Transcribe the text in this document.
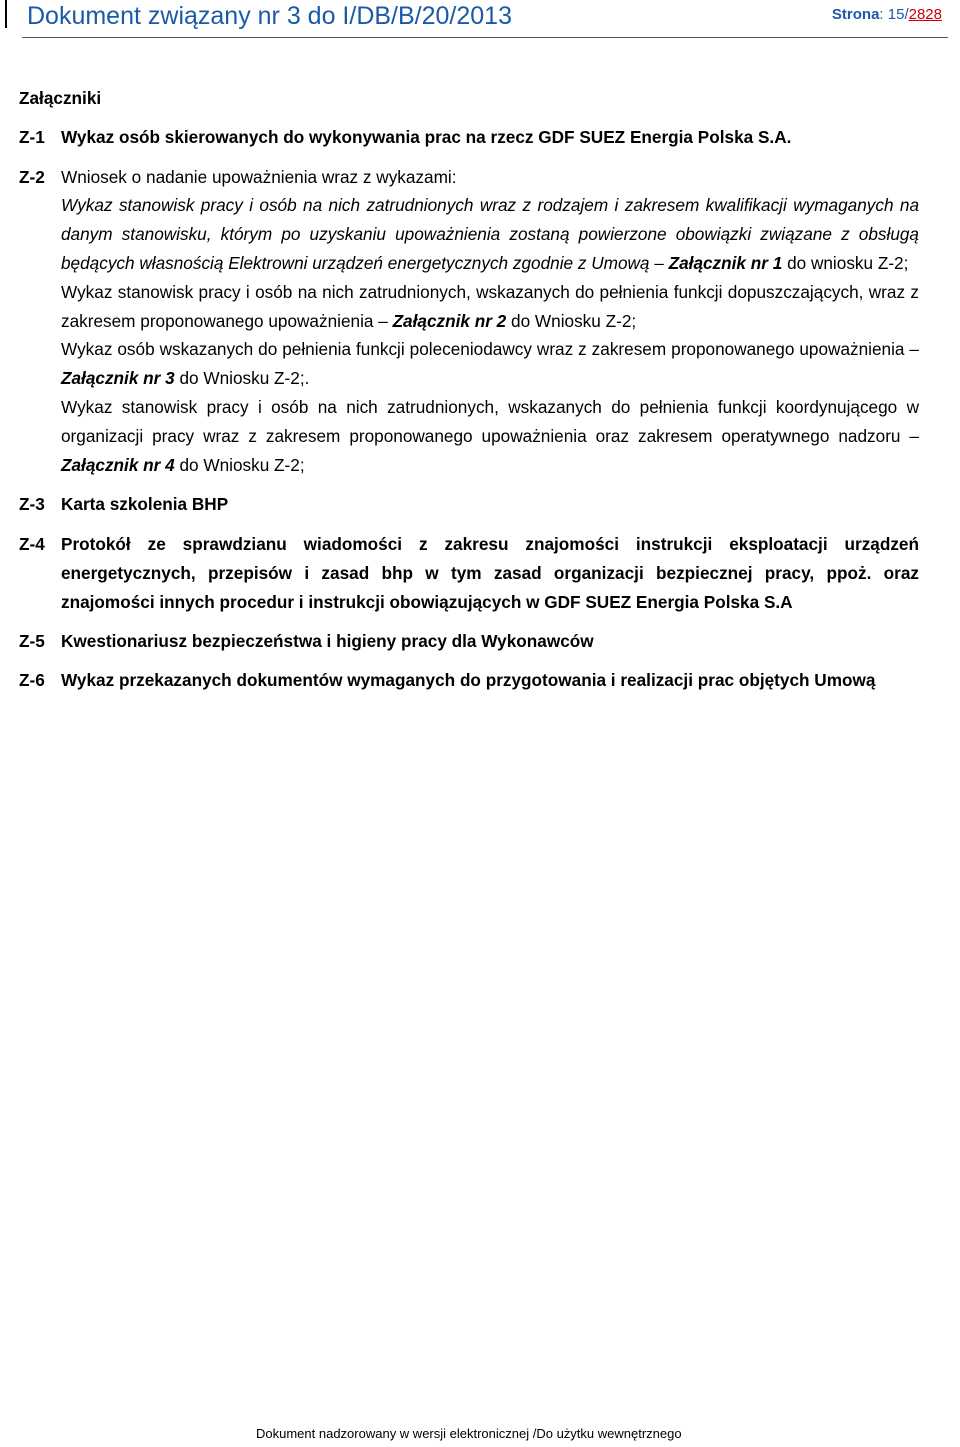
Dokument związany nr 3 do I/DB/B/20/2013	Strona: 15/2828

Załączniki

Z-1 Wykaz osób skierowanych do wykonywania prac na rzecz GDF SUEZ Energia Polska S.A.
Z-2 Wniosek o nadanie upoważnienia wraz z wykazami:

Wykaz stanowisk pracy i osób na nich zatrudnionych wraz z rodzajem i zakresem kwalifikacji wymaganych na danym stanowisku, którym po uzyskaniu upoważnienia zostaną powierzone obowiązki związane z obsługą będących własnością Elektrowni urządzeń energetycznych zgodnie z Umową – Załącznik nr 1 do wniosku Z-2;

Wykaz stanowisk pracy i osób na nich zatrudnionych, wskazanych do pełnienia funkcji dopuszczających, wraz z zakresem proponowanego upoważnienia – Załącznik nr 2 do Wniosku Z-2;

Wykaz osób wskazanych do pełnienia funkcji poleceniodawcy wraz z zakresem proponowanego upoważnienia – Załącznik nr 3 do Wniosku Z-2;.

Wykaz stanowisk pracy i osób na nich zatrudnionych, wskazanych do pełnienia funkcji koordynującego w organizacji pracy wraz z zakresem proponowanego upoważnienia oraz zakresem operatywnego nadzoru –Załącznik nr 4 do Wniosku Z-2;

Z-3 Karta szkolenia BHP
Z-4 Protokół ze sprawdzianu wiadomości z zakresu znajomości instrukcji eksploatacji urządzeń energetycznych, przepisów i zasad bhp w tym zasad organizacji bezpiecznej pracy, ppoż. oraz znajomości innych procedur i instrukcji obowiązujących w GDF SUEZ Energia Polska S.A
Z-5 Kwestionariusz bezpieczeństwa i higieny pracy dla Wykonawców
Z-6 Wykaz przekazanych dokumentów wymaganych do przygotowania i realizacji prac objętych Umową
Dokument nadzorowany w wersji elektronicznej /Do użytku wewnętrznego
